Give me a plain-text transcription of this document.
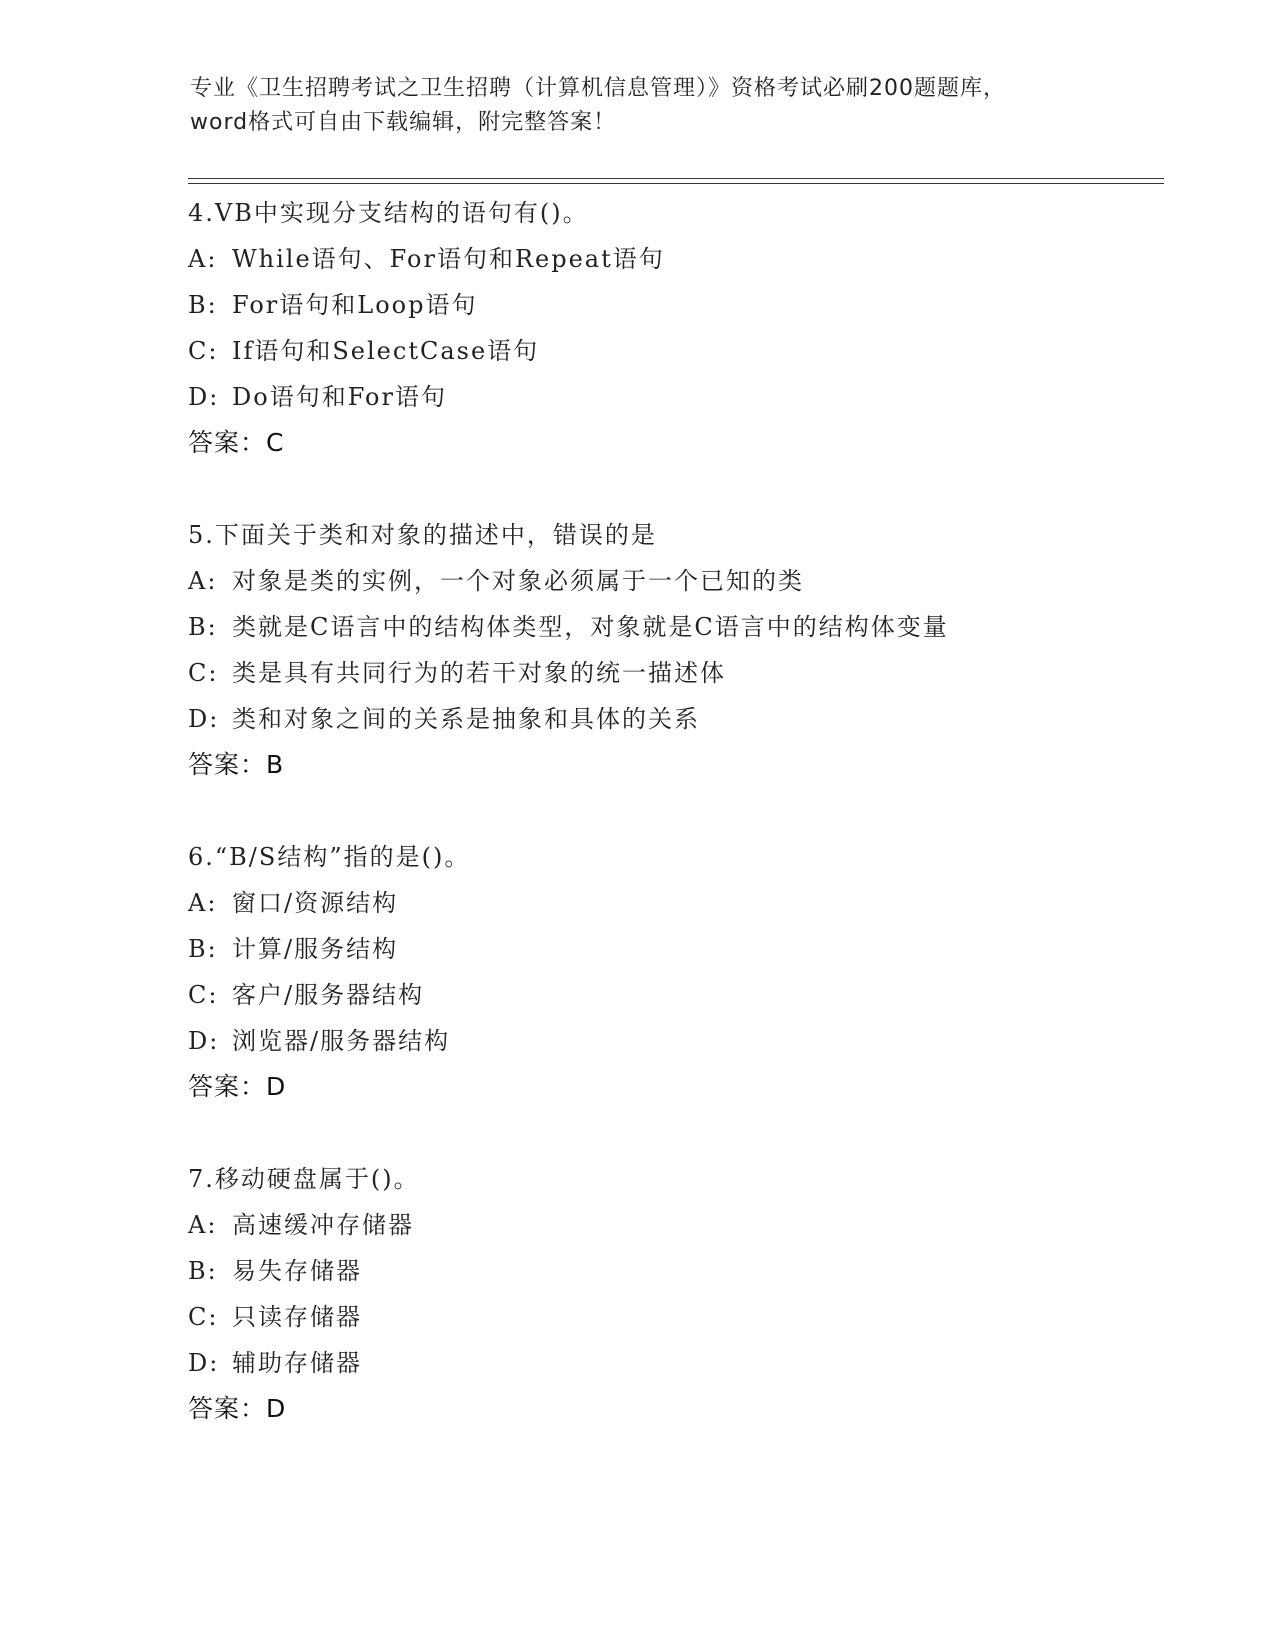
专业《卫生招聘考试之卫生招聘（计算机信息管理）》资格考试必刷200题题库，
word格式可自由下载编辑，附完整答案！
4.VB中实现分支结构的语句有()。
A: While语句、For语句和Repeat语句
B: For语句和Loop语句
C: If语句和SelectCase语句
D: Do语句和For语句
答案：C
5.下面关于类和对象的描述中，错误的是
A: 对象是类的实例，一个对象必须属于一个已知的类
B: 类就是C语言中的结构体类型，对象就是C语言中的结构体变量
C: 类是具有共同行为的若干对象的统一描述体
D: 类和对象之间的关系是抽象和具体的关系
答案：B
6.“B/S结构”指的是()。
A: 窗口/资源结构
B: 计算/服务结构
C: 客户/服务器结构
D: 浏览器/服务器结构
答案：D
7.移动硬盘属于()。
A: 高速缓冲存储器
B: 易失存储器
C: 只读存储器
D: 辅助存储器
答案：D
